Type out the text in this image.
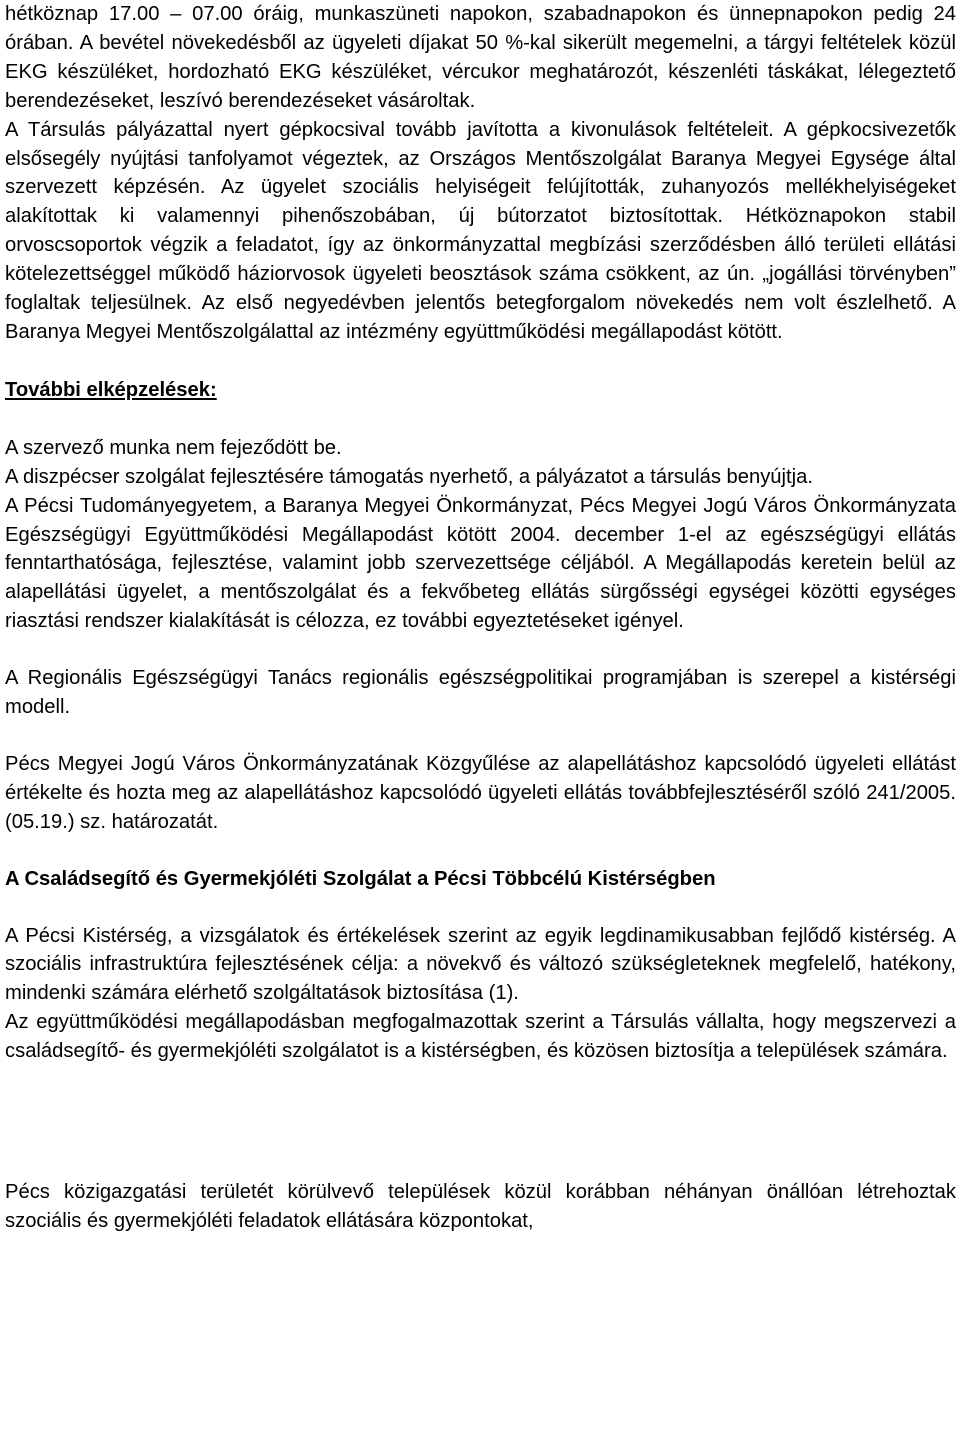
hétköznap 17.00 – 07.00 óráig, munkaszüneti napokon, szabadnapokon és ünnepnapokon pedig 24 órában. A bevétel növekedésből az ügyeleti díjakat 50 %-kal sikerült megemelni, a tárgyi feltételek közül EKG készüléket, hordozható EKG készüléket, vércukor meghatározót, készenléti táskákat, lélegeztető berendezéseket, leszívó berendezéseket vásároltak.

A Társulás pályázattal nyert gépkocsival tovább javította a kivonulások feltételeit. A gépkocsivezetők elsősegély nyújtási tanfolyamot végeztek, az Országos Mentőszolgálat Baranya Megyei Egysége által szervezett képzésén. Az ügyelet szociális helyiségeit felújították, zuhanyozós mellékhelyiségeket alakítottak ki valamennyi pihenőszobában, új bútorzatot biztosítottak. Hétköznapokon stabil orvoscsoportok végzik a feladatot, így az önkormányzattal megbízási szerződésben álló területi ellátási kötelezettséggel működő háziorvosok ügyeleti beosztások száma csökkent, az ún. „jogállási törvényben” foglaltak teljesülnek. Az első negyedévben jelentős betegforgalom növekedés nem volt észlelhető. A Baranya Megyei Mentőszolgálattal az intézmény együttműködési megállapodást kötött.

További elképzelések:

A szervező munka nem fejeződött be.

A diszpécser szolgálat fejlesztésére támogatás nyerhető, a pályázatot a társulás benyújtja.

A Pécsi Tudományegyetem, a Baranya Megyei Önkormányzat, Pécs Megyei Jogú Város Önkormányzata Egészségügyi Együttműködési Megállapodást kötött 2004. december 1-el az egészségügyi ellátás fenntarthatósága, fejlesztése, valamint jobb szervezettsége céljából. A Megállapodás keretein belül az alapellátási ügyelet, a mentőszolgálat és a fekvőbeteg ellátás sürgősségi egységei közötti egységes riasztási rendszer kialakítását is célozza, ez további egyeztetéseket igényel.

A Regionális Egészségügyi Tanács regionális egészségpolitikai programjában is szerepel a kistérségi modell.

Pécs Megyei Jogú Város Önkormányzatának Közgyűlése az alapellátáshoz kapcsolódó ügyeleti ellátást értékelte és hozta meg az alapellátáshoz kapcsolódó ügyeleti ellátás továbbfejlesztéséről szóló 241/2005. (05.19.) sz. határozatát.

A Családsegítő és Gyermekjóléti Szolgálat a Pécsi Többcélú Kistérségben

A Pécsi Kistérség, a vizsgálatok és értékelések szerint az egyik legdinamikusabban fejlődő kistérség. A szociális infrastruktúra fejlesztésének célja: a növekvő és változó szükségleteknek megfelelő, hatékony, mindenki számára elérhető szolgáltatások biztosítása (1).

Az együttműködési megállapodásban megfogalmazottak szerint a Társulás vállalta, hogy megszervezi a családsegítő- és gyermekjóléti szolgálatot is a kistérségben, és közösen biztosítja a települések számára.

Pécs közigazgatási területét körülvevő települések közül korábban néhányan önállóan létrehoztak szociális és gyermekjóléti feladatok ellátására központokat,
